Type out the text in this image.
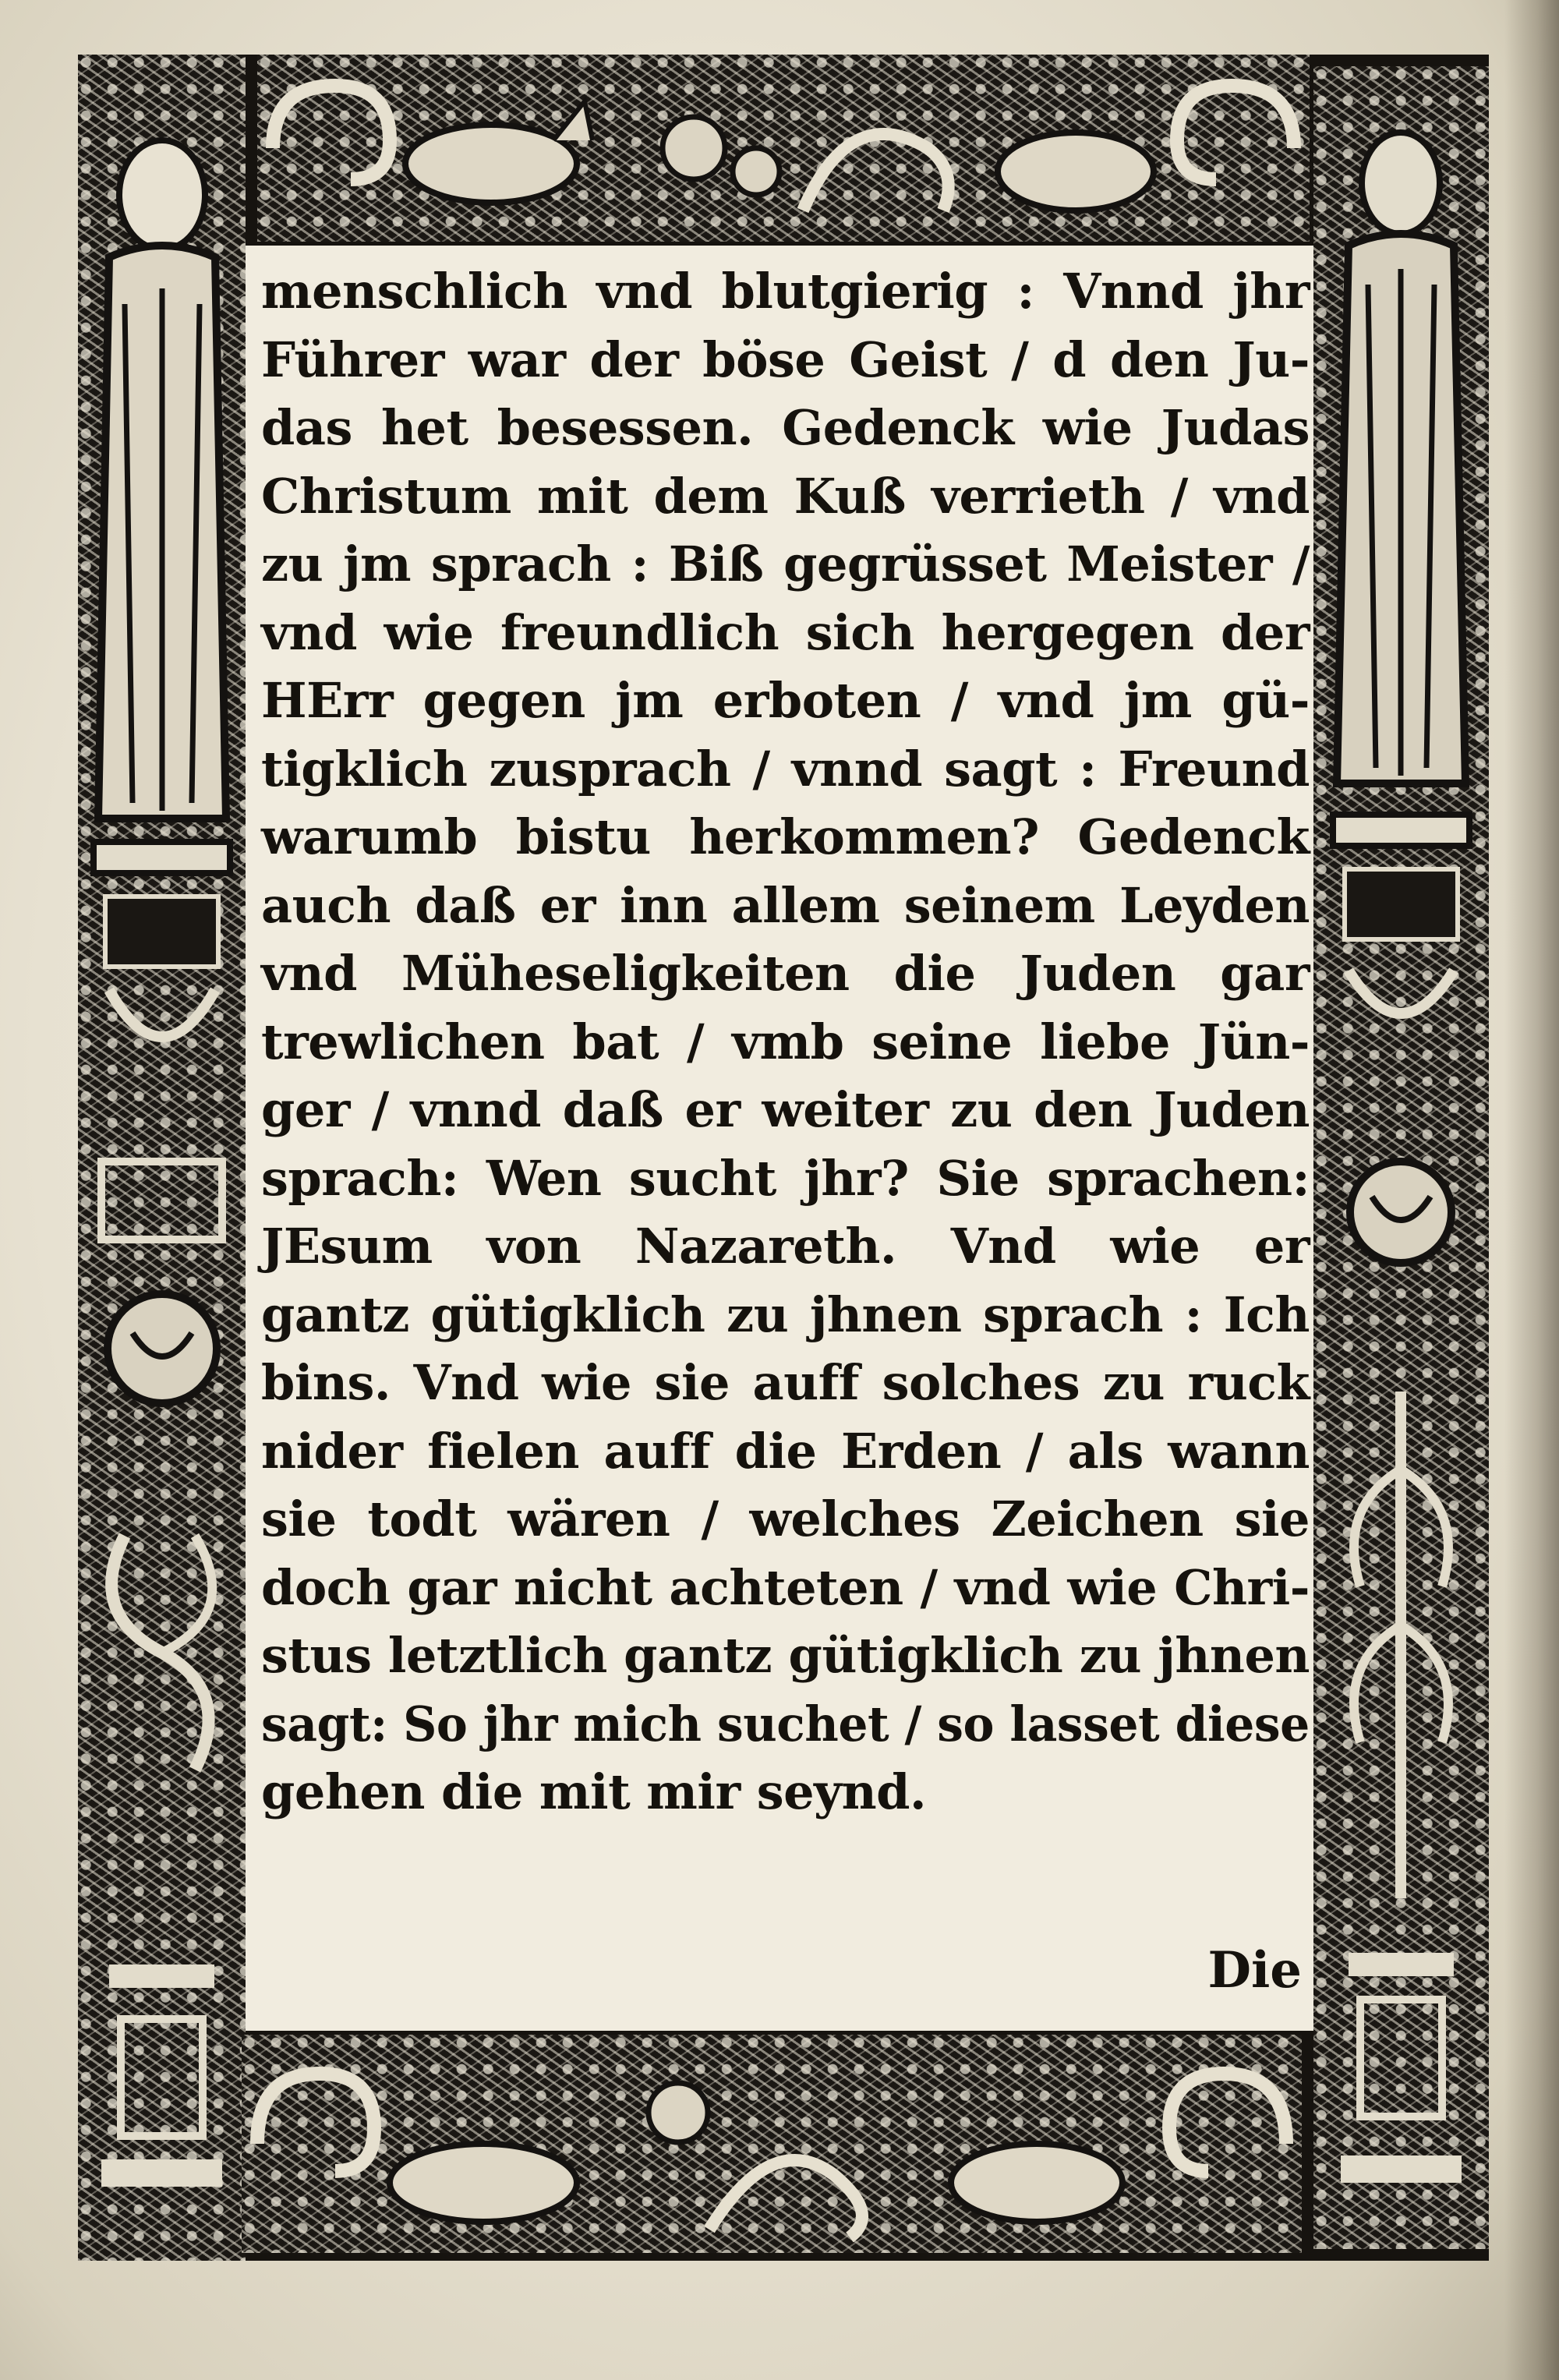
menschlich vnd blutgierig : Vnnd jhr
Führer war der böse Geist / d den Ju-
das het besessen. Gedenck wie Judas
Christum mit dem Kuß verrieth / vnd
zu jm sprach : Biß gegrüsset Meister /
vnd wie freundlich sich hergegen der
HErr gegen jm erboten / vnd jm gü-
tigklich zusprach / vnnd sagt : Freund
warumb bistu herkommen? Gedenck
auch daß er inn allem seinem Leyden
vnd Müheseligkeiten die Juden gar
trewlichen bat / vmb seine liebe Jün-
ger / vnnd daß er weiter zu den Juden
sprach: Wen sucht jhr? Sie sprachen:
JEsum von Nazareth. Vnd wie er
gantz gütigklich zu jhnen sprach : Ich
bins. Vnd wie sie auff solches zu ruck
nider fielen auff die Erden / als wann
sie todt wären / welches Zeichen sie
doch gar nicht achteten / vnd wie Chri-
stus letztlich gantz gütigklich zu jhnen
sagt: So jhr mich suchet / so lasset diese
gehen die mit mir seynd.
Die
